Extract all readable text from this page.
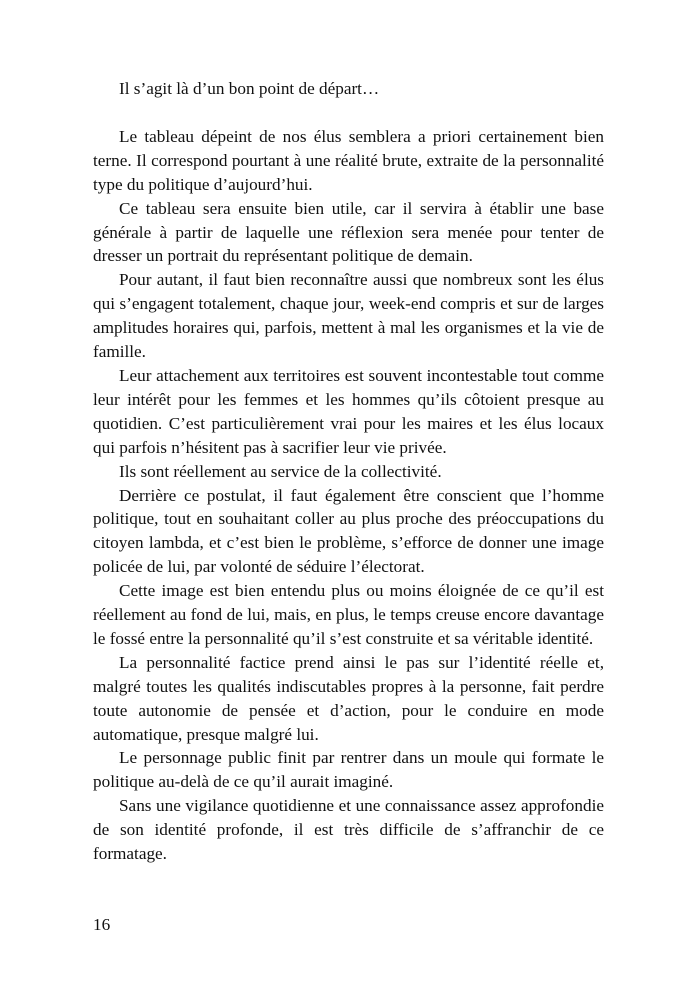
Il s’agit là d’un bon point de départ…

Le tableau dépeint de nos élus semblera a priori certainement bien terne. Il correspond pourtant à une réalité brute, extraite de la personnalité type du politique d’aujourd’hui.

Ce tableau sera ensuite bien utile, car il servira à établir une base générale à partir de laquelle une réflexion sera menée pour tenter de dresser un portrait du représentant politique de demain.

Pour autant, il faut bien reconnaître aussi que nombreux sont les élus qui s’engagent totalement, chaque jour, week-end compris et sur de larges amplitudes horaires qui, parfois, mettent à mal les organismes et la vie de famille.

Leur attachement aux territoires est souvent incontestable tout comme leur intérêt pour les femmes et les hommes qu’ils côtoient presque au quotidien. C’est particulièrement vrai pour les maires et les élus locaux qui parfois n’hésitent pas à sacrifier leur vie privée.

Ils sont réellement au service de la collectivité.

Derrière ce postulat, il faut également être conscient que l’homme politique, tout en souhaitant coller au plus proche des préoccupations du citoyen lambda, et c’est bien le problème, s’efforce de donner une image policée de lui, par volonté de séduire l’électorat.

Cette image est bien entendu plus ou moins éloignée de ce qu’il est réellement au fond de lui, mais, en plus, le temps creuse encore davantage le fossé entre la personnalité qu’il s’est construite et sa véritable identité.

La personnalité factice prend ainsi le pas sur l’identité réelle et, malgré toutes les qualités indiscutables propres à la personne, fait perdre toute autonomie de pensée et d’action, pour le conduire en mode automatique, presque malgré lui.

Le personnage public finit par rentrer dans un moule qui formate le politique au-delà de ce qu’il aurait imaginé.

Sans une vigilance quotidienne et une connaissance assez approfondie de son identité profonde, il est très difficile de s’affranchir de ce formatage.

16
